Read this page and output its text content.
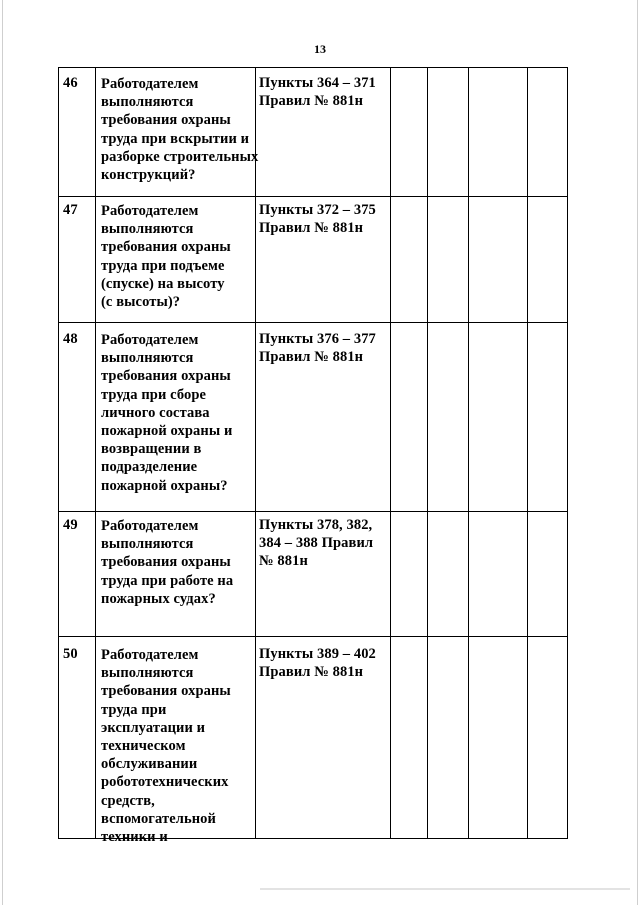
13
46 Работодателем
выполняются
требования охраны
труда при вскрытии и
разборке строительных
конструкций?
Пункты 364 – 371
Правил № 881н
47 Работодателем
выполняются
требования охраны
труда при подъеме
(спуске) на высоту
(с высоты)?
Пункты 372 – 375
Правил № 881н
48 Работодателем
выполняются
требования охраны
труда при сборе
личного состава
пожарной охраны и
возвращении в
подразделение
пожарной охраны?
Пункты 376 – 377
Правил № 881н
49 Работодателем
выполняются
требования охраны
труда при работе на
пожарных судах?
Пункты 378, 382,
384 – 388 Правил
№ 881н
50 Работодателем
выполняются
требования охраны
труда при
эксплуатации и
техническом
обслуживании
робототехнических
средств,
вспомогательной
техники и
Пункты 389 – 402
Правил № 881н
